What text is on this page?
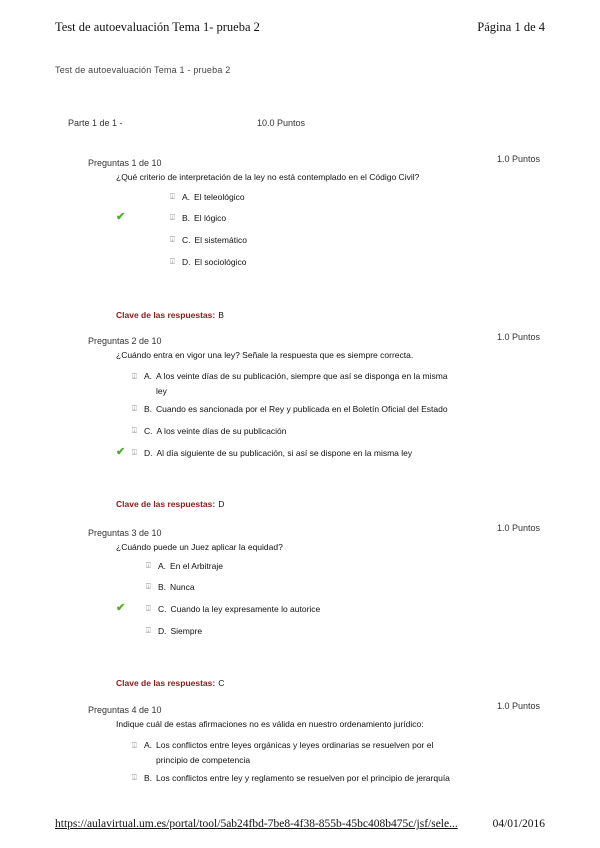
Test de autoevaluación Tema 1- prueba 2	Página 1 de 4
Test de autoevaluación Tema 1 - prueba 2
Parte 1 de 1 -	10.0 Puntos
Preguntas 1 de 10	1.0 Puntos
¿Qué criterio de interpretación de la ley no está contemplado en el Código Civil?
⍗ A. El teleológico
✔	⍗ B. El lógico
⍗ C. El sistemático
⍗ D. El sociológico
Clave de las respuestas: B
Preguntas 2 de 10	1.0 Puntos
¿Cuándo entra en vigor una ley? Señale la respuesta que es siempre correcta.
⍗ A. A los veinte días de su publicación, siempre que así se disponga en la misma ley
⍗ B. Cuando es sancionada por el Rey y publicada en el Boletín Oficial del Estado
⍗ C. A los veinte días de su publicación
✔ ⍗ D. Al día siguiente de su publicación, si así se dispone en la misma ley
Clave de las respuestas: D
Preguntas 3 de 10	1.0 Puntos
¿Cuándo puede un Juez aplicar la equidad?
⍗ A. En el Arbitraje
⍗ B. Nunca
✔	⍗ C. Cuando la ley expresamente lo autorice
⍗ D. Siempre
Clave de las respuestas: C
Preguntas 4 de 10	1.0 Puntos
Indique cuál de estas afirmaciones no es válida en nuestro ordenamiento jurídico:
⍗ A. Los conflictos entre leyes orgánicas y leyes ordinarias se resuelven por el principio de competencia
⍗ B. Los conflictos entre ley y reglamento se resuelven por el principio de jerarquía
https://aulavirtual.um.es/portal/tool/5ab24fbd-7be8-4f38-855b-45bc408b475c/jsf/sele...	04/01/2016
